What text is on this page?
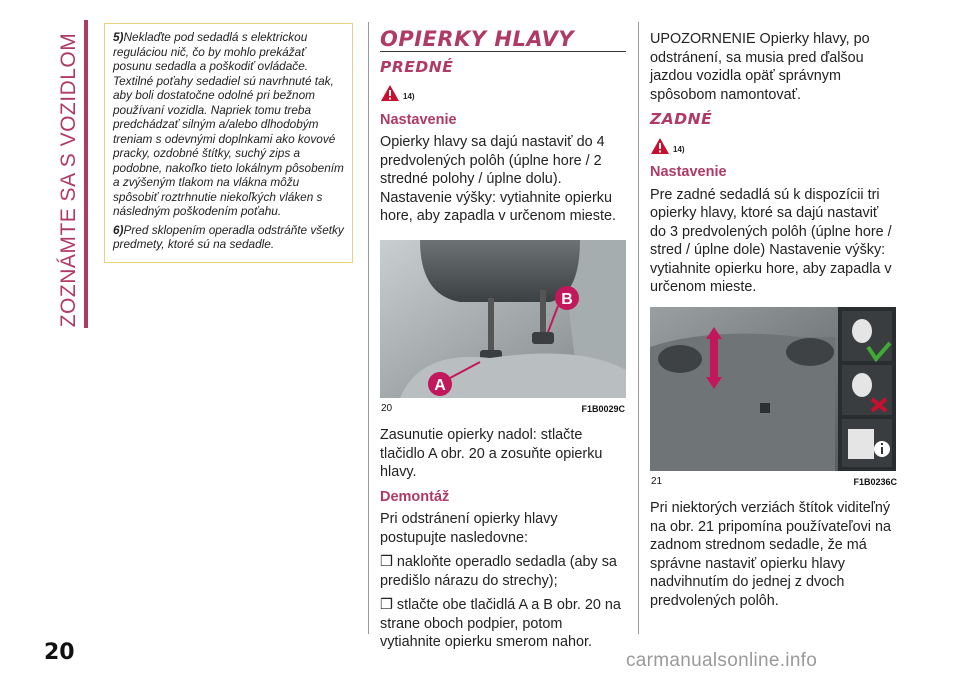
ZOZNÁMTE SA S VOZIDLOM
20

5)Neklaďte pod sedadlá s elektrickou reguláciou nič, čo by mohlo prekážať posunu sedadla a poškodiť ovládače. Textilné poťahy sedadiel sú navrhnuté tak, aby boli dostatočne odolné pri bežnom používaní vozidla. Napriek tomu treba predchádzať silným a/alebo dlhodobým treniam s odevnými doplnkami ako kovové pracky, ozdobné štítky, suchý zips a podobne, nakoľko tieto lokálnym pôsobením a zvýšeným tlakom na vlákna môžu spôsobiť roztrhnutie niekoľkých vláken s následným poškodením poťahu.

6)Pred sklopením operadla odstráňte všetky predmety, ktoré sú na sedadle.

OPIERKY HLAVY
PREDNÉ
14)
Nastavenie

Opierky hlavy sa dajú nastaviť do 4 predvolených polôh (úplne hore / 2 stredné polohy / úplne dolu). Nastavenie výšky: vytiahnite opierku hore, aby zapadla v určenom mieste.

A
B
20	F1B0029C

Zasunutie opierky nadol: stlačte tlačidlo A obr. 20 a zosuňte opierku hlavy.

Demontáž

Pri odstránení opierky hlavy postupujte nasledovne:

❒ nakloňte operadlo sedadla (aby sa predišlo nárazu do strechy);

❒ stlačte obe tlačidlá A a B obr. 20 na strane oboch podpier, potom vytiahnite opierku smerom nahor.

UPOZORNENIE Opierky hlavy, po odstránení, sa musia pred ďalšou jazdou vozidla opäť správnym spôsobom namontovať.

ZADNÉ
14)
Nastavenie

Pre zadné sedadlá sú k dispozícii tri opierky hlavy, ktoré sa dajú nastaviť do 3 predvolených polôh (úplne hore / stred / úplne dole) Nastavenie výšky: vytiahnite opierku hore, aby zapadla v určenom mieste.

21	F1B0236C

Pri niektorých verziách štítok viditeľný na obr. 21 pripomína používateľovi na zadnom strednom sedadle, že má správne nastaviť opierku hlavy nadvihnutím do jednej z dvoch predvolených polôh.

carmanualsonline.info
